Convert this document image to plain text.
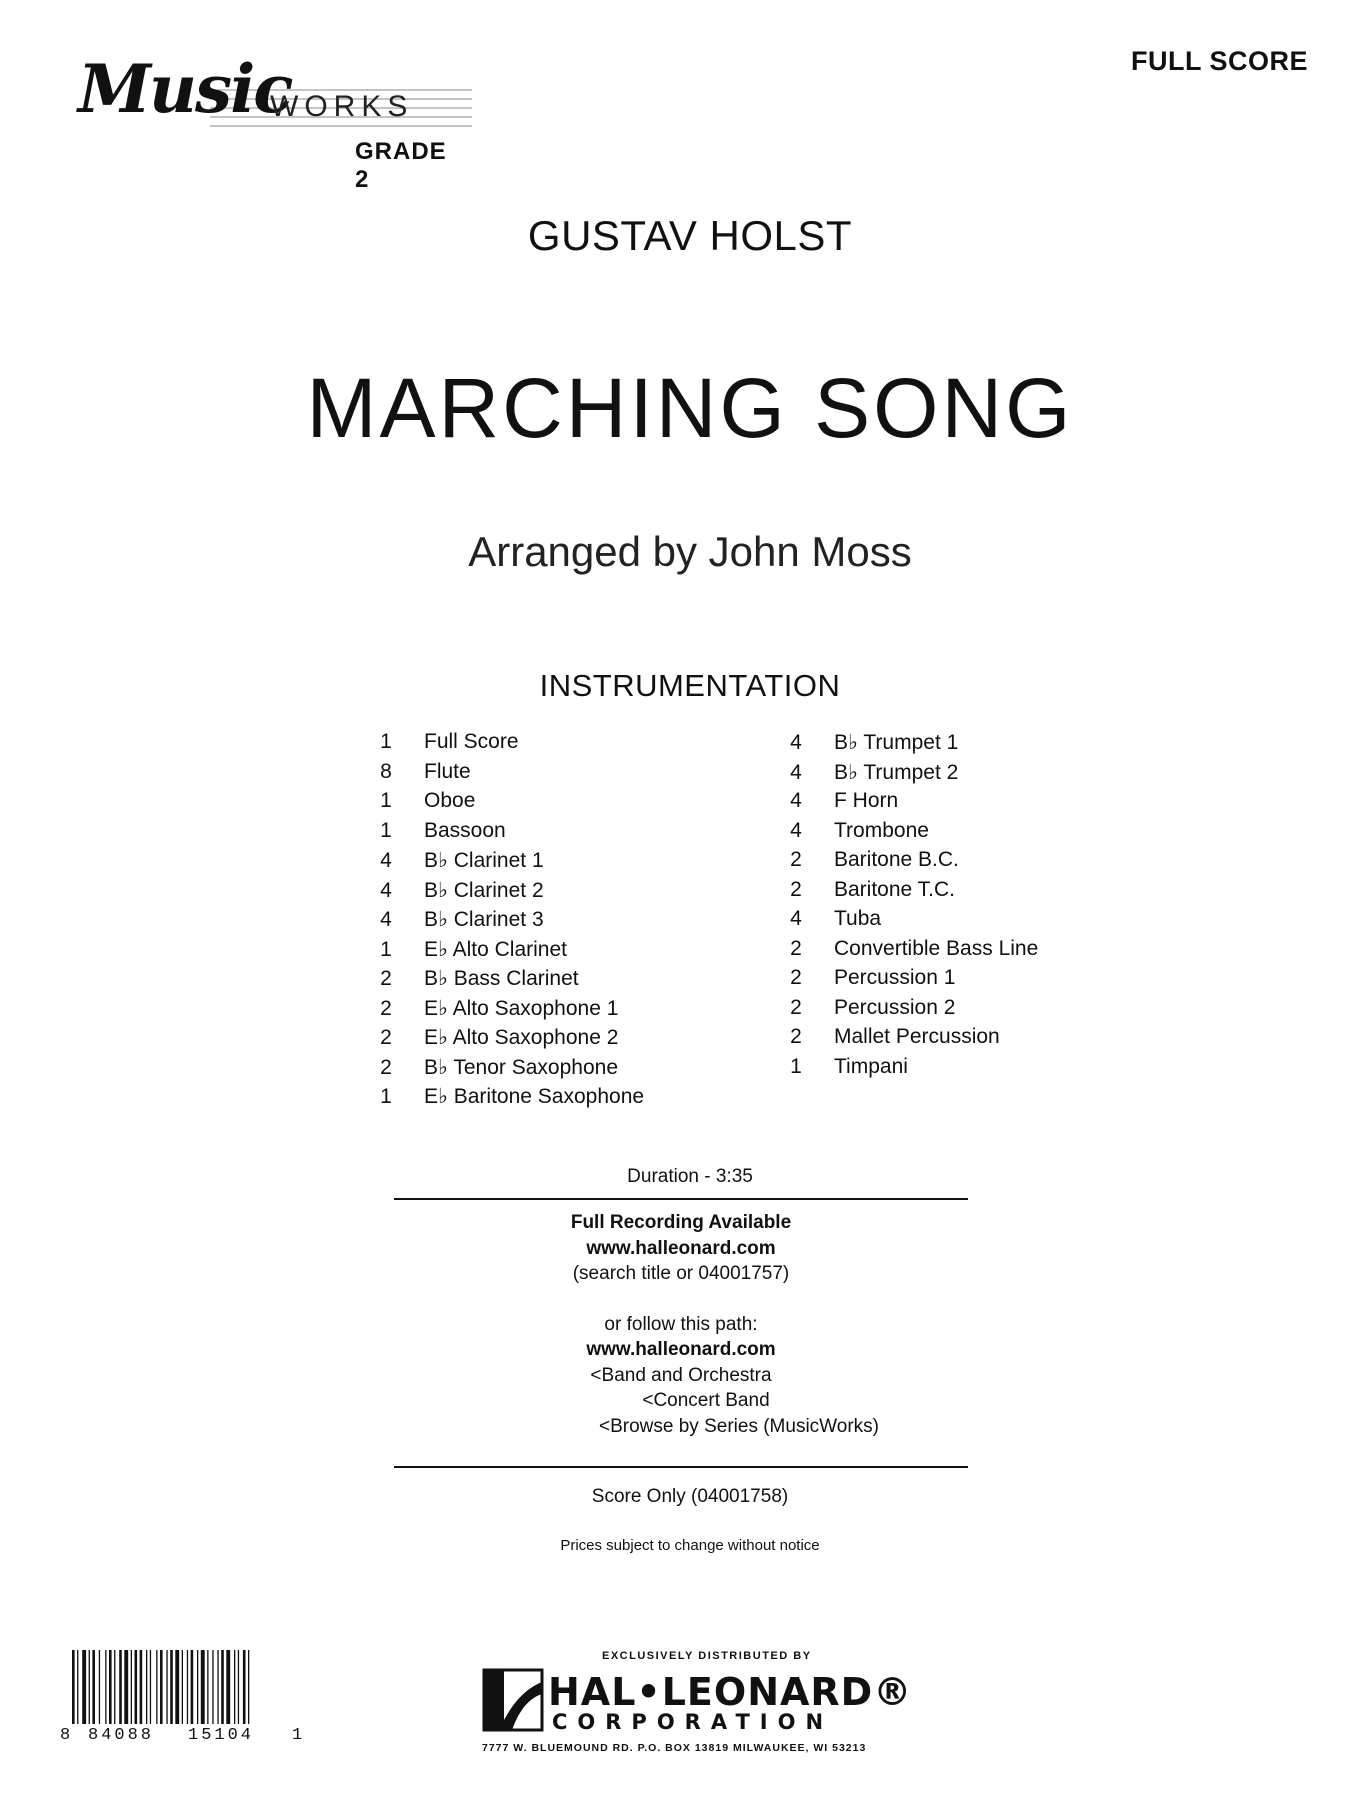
Music
WORKS
GRADE 2
FULL SCORE
GUSTAV HOLST
MARCHING SONG
Arranged by John Moss
INSTRUMENTATION
1 Full Score
8 Flute
1 Oboe
1 Bassoon
4 B♭ Clarinet 1
4 B♭ Clarinet 2
4 B♭ Clarinet 3
1 E♭ Alto Clarinet
2 B♭ Bass Clarinet
2 E♭ Alto Saxophone 1
2 E♭ Alto Saxophone 2
2 B♭ Tenor Saxophone
1 E♭ Baritone Saxophone
4 B♭ Trumpet 1
4 B♭ Trumpet 2
4 F Horn
4 Trombone
2 Baritone B.C.
2 Baritone T.C.
4 Tuba
2 Convertible Bass Line
2 Percussion 1
2 Percussion 2
2 Mallet Percussion
1 Timpani
Duration - 3:35
Full Recording Available
www.halleonard.com
(search title or 04001757)
or follow this path:
www.halleonard.com
<Band and Orchestra
<Concert Band
<Browse by Series (MusicWorks)
Score Only (04001758)
Prices subject to change without notice
8 84088 15104 1
EXCLUSIVELY DISTRIBUTED BY
HAL•LEONARD®
CORPORATION
7777 W. BLUEMOUND RD. P.O. BOX 13819 MILWAUKEE, WI 53213
